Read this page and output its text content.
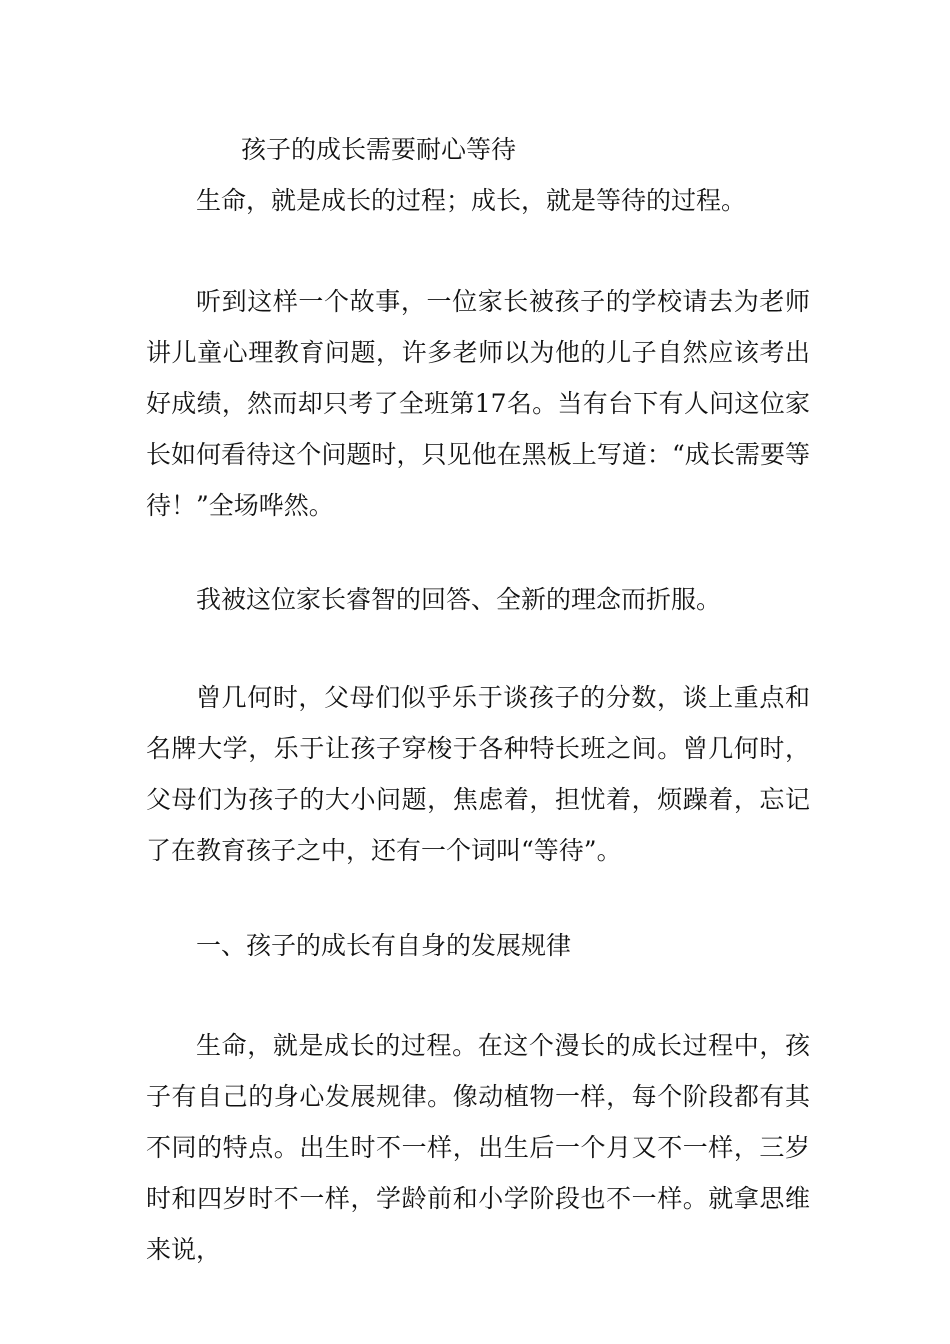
孩子的成长需要耐心等待

生命，就是成长的过程；成长，就是等待的过程。

听到这样一个故事，一位家长被孩子的学校请去为老师讲儿童心理教育问题，许多老师以为他的儿子自然应该考出好成绩，然而却只考了全班第17名。当有台下有人问这位家长如何看待这个问题时，只见他在黑板上写道：“成长需要等待！”全场哗然。

我被这位家长睿智的回答、全新的理念而折服。

曾几何时，父母们似乎乐于谈孩子的分数，谈上重点和名牌大学，乐于让孩子穿梭于各种特长班之间。曾几何时，父母们为孩子的大小问题，焦虑着，担忧着，烦躁着，忘记了在教育孩子之中，还有一个词叫“等待”。

一、孩子的成长有自身的发展规律

生命，就是成长的过程。在这个漫长的成长过程中，孩子有自己的身心发展规律。像动植物一样，每个阶段都有其不同的特点。出生时不一样，出生后一个月又不一样，三岁时和四岁时不一样，学龄前和小学阶段也不一样。就拿思维来说，
